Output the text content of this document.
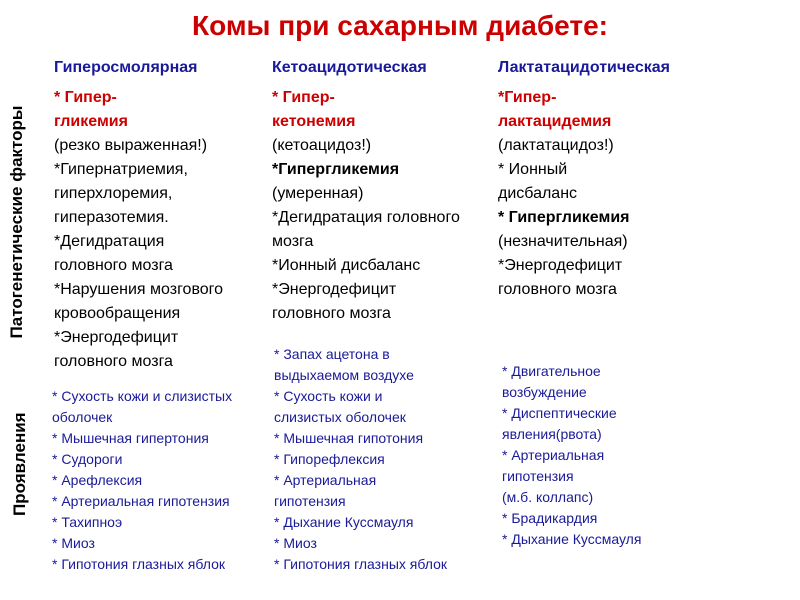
Комы при сахарным диабете:
Патогенетические факторы
Проявления
Гиперосмолярная	Кетоацидотическая	Лактатацидотическая
* Гипер-
гликемия
(резко выраженная!)
*Гипернатриемия,
гиперхлоремия,
гиперазотемия.
*Дегидратация
головного мозга
*Нарушения мозгового
кровообращения
*Энергодефицит
головного мозга
* Гипер-
кетонемия
(кетоацидоз!)
*Гипергликемия
(умеренная)
*Дегидратация головного
мозга
*Ионный дисбаланс
*Энергодефицит
головного мозга
*Гипер-
лактацидемия
(лактатацидоз!)
* Ионный
дисбаланс
* Гипергликемия
(незначительная)
*Энергодефицит
головного мозга
* Сухость кожи и слизистых
оболочек
* Мышечная гипертония
* Судороги
* Арефлексия
* Артериальная гипотензия
* Тахипноэ
* Миоз
* Гипотония глазных яблок
* Запах ацетона в
выдыхаемом воздухе
* Сухость кожи и
слизистых оболочек
* Мышечная гипотония
* Гипорефлексия
* Артериальная
гипотензия
* Дыхание Куссмауля
* Миоз
* Гипотония глазных яблок
* Двигательное
возбуждение
* Диспептические
явления(рвота)
* Артериальная
гипотензия
(м.б. коллапс)
* Брадикардия
* Дыхание Куссмауля
